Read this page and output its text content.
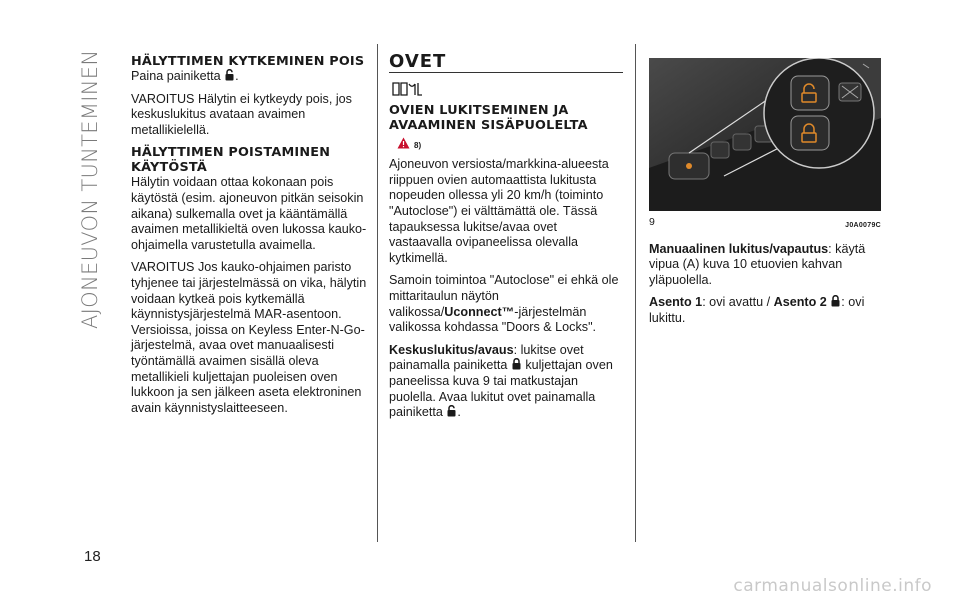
AJONEUVON TUNTEMINEN
18
HÄLYTTIMEN KYTKEMINEN POIS

Paina painiketta .

VAROITUS Hälytin ei kytkeydy pois, jos keskuslukitus avataan avaimen metallikielellä.

HÄLYTTIMEN POISTAMINEN KÄYTÖSTÄ

Hälytin voidaan ottaa kokonaan pois käytöstä (esim. ajoneuvon pitkän seisokin aikana) sulkemalla ovet ja kääntämällä avaimen metallikieltä oven lukossa kauko-ohjaimella varustetulla avaimella.

VAROITUS Jos kauko-ohjaimen paristo tyhjenee tai järjestelmässä on vika, hälytin voidaan kytkeä pois kytkemällä käynnistysjärjestelmä MAR-asentoon. Versioissa, joissa on Keyless Enter-N-Go-järjestelmä, avaa ovet manuaalisesti työntämällä avaimen sisällä oleva metallikieli kuljettajan puoleisen oven lukkoon ja sen jälkeen aseta elektroninen avain käynnistyslaitteeseen.

OVET
OVIEN LUKITSEMINEN JA AVAAMINEN SISÄPUOLELTA
8)

Ajoneuvon versiosta/markkina-alueesta riippuen ovien automaattista lukitusta nopeuden ollessa yli 20 km/h (toiminto "Autoclose") ei välttämättä ole. Tässä tapauksessa lukitse/avaa ovet vastaavalla ovipaneelissa olevalla kytkimellä.

Samoin toimintoa "Autoclose" ei ehkä ole mittaritaulun näytön valikossa/Uconnect™-järjestelmän valikossa kohdassa "Doors & Locks".

Keskuslukitus/avaus: lukitse ovet painamalla painiketta kuljettajan oven paneelissa kuva 9 tai matkustajan puolella. Avaa lukitut ovet painamalla painiketta .

9	J0A0079C

Manuaalinen lukitus/vapautus: käytä vipua (A) kuva 10 etuovien kahvan yläpuolella.

Asento 1: ovi avattu / Asento 2 : ovi lukittu.

carmanualsonline.info
